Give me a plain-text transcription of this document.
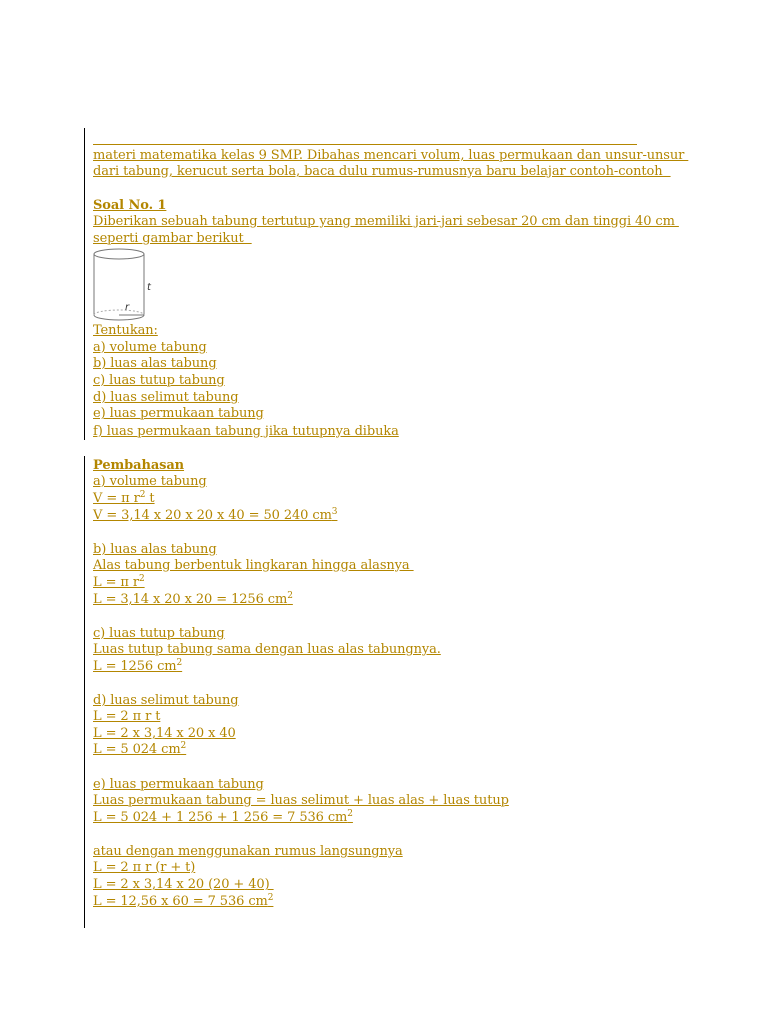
materi matematika kelas 9 SMP. Dibahas mencari volum, luas permukaan dan unsur-unsur
dari tabung, kerucut serta bola, baca dulu rumus-rumusnya baru belajar contoh-contoh
Soal No. 1
Diberikan sebuah tabung tertutup yang memiliki jari-jari sebesar 20 cm dan tinggi 40 cm
seperti gambar berikut
t
r
Tentukan:
a) volume tabung
b) luas alas tabung
c) luas tutup tabung
d) luas selimut tabung
e) luas permukaan tabung
f) luas permukaan tabung jika tutupnya dibuka
Pembahasan
a) volume tabung
V = π $r^2$ t
V = 3,14 x 20 x 20 x 40 = 50 240 $cm^3$
b) luas alas tabung
Alas tabung berbentuk lingkaran hingga alasnya
L = π $r^2$
L = 3,14 x 20 x 20 = 1256 $cm^2$
c) luas tutup tabung
Luas tutup tabung sama dengan luas alas tabungnya.
L = 1256 $cm^2$
d) luas selimut tabung
L = 2 π r t
L = 2 x 3,14 x 20 x 40
L = 5 024 $cm^2$
e) luas permukaan tabung
Luas permukaan tabung = luas selimut + luas alas + luas tutup
L = 5 024 + 1 256 + 1 256 = 7 536 $cm^2$
atau dengan menggunakan rumus langsungnya
L = 2 π r (r + t)
L = 2 x 3,14 x 20 (20 + 40)
L = 12,56 x 60 = 7 536 $cm^2$
